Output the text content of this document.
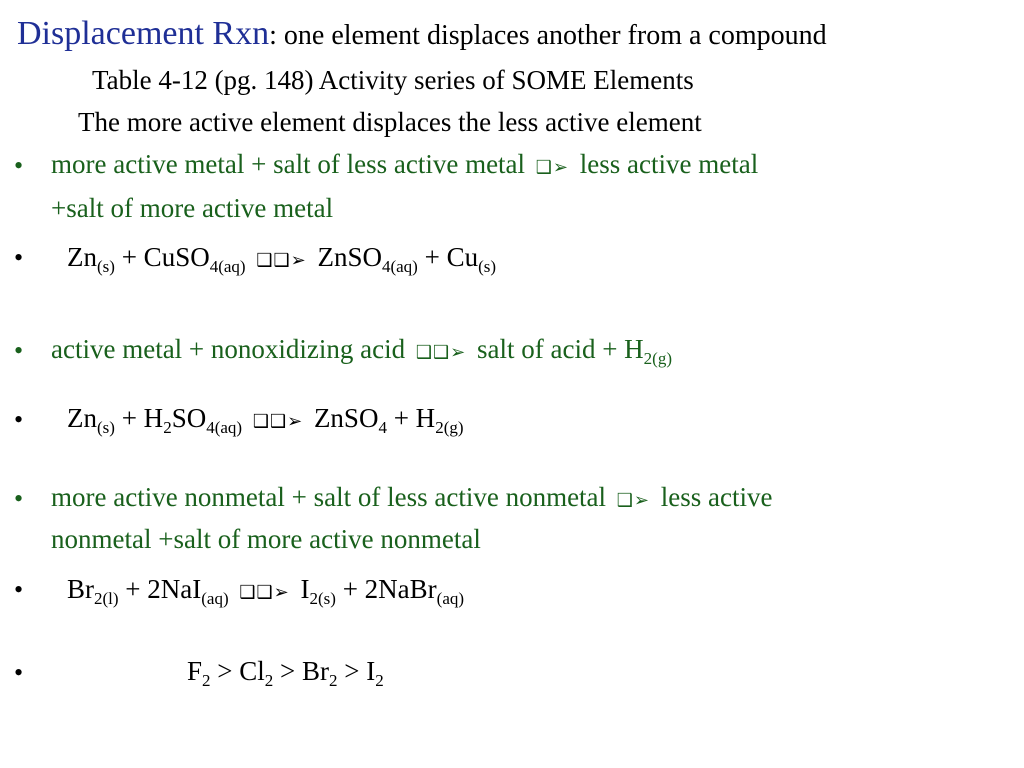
Displacement Rxn: one element displaces another from a compound
Table 4-12 (pg. 148) Activity series of SOME Elements
The more active element displaces the less active element
• more active metal + salt of less active metal ❑➢ less active metal
+salt of more active metal
• $Zn_{(s)}$ + CuSO$_{4(aq)}$ ❑❑➢ ZnSO$_{4(aq)}$ + $Cu_{(s)}$
• active metal + nonoxidizing acid ❑❑➢ salt of acid + $H_{2(g)}$
• $Zn_{(s)} + H_2SO_{4(aq)}$ ❑❑➢ ZnSO$_4$ + $H_{2(g)}$
• more active nonmetal + salt of less active nonmetal ❑➢ less active
nonmetal +salt of more active nonmetal
• $Br_{2(l)} + 2NaI_{(aq)}$ ❑❑➢ $I_{2(s)}$ + 2NaBr$_{(aq)}$
•	$F_2 > Cl_2 > Br_2 > I_2$
